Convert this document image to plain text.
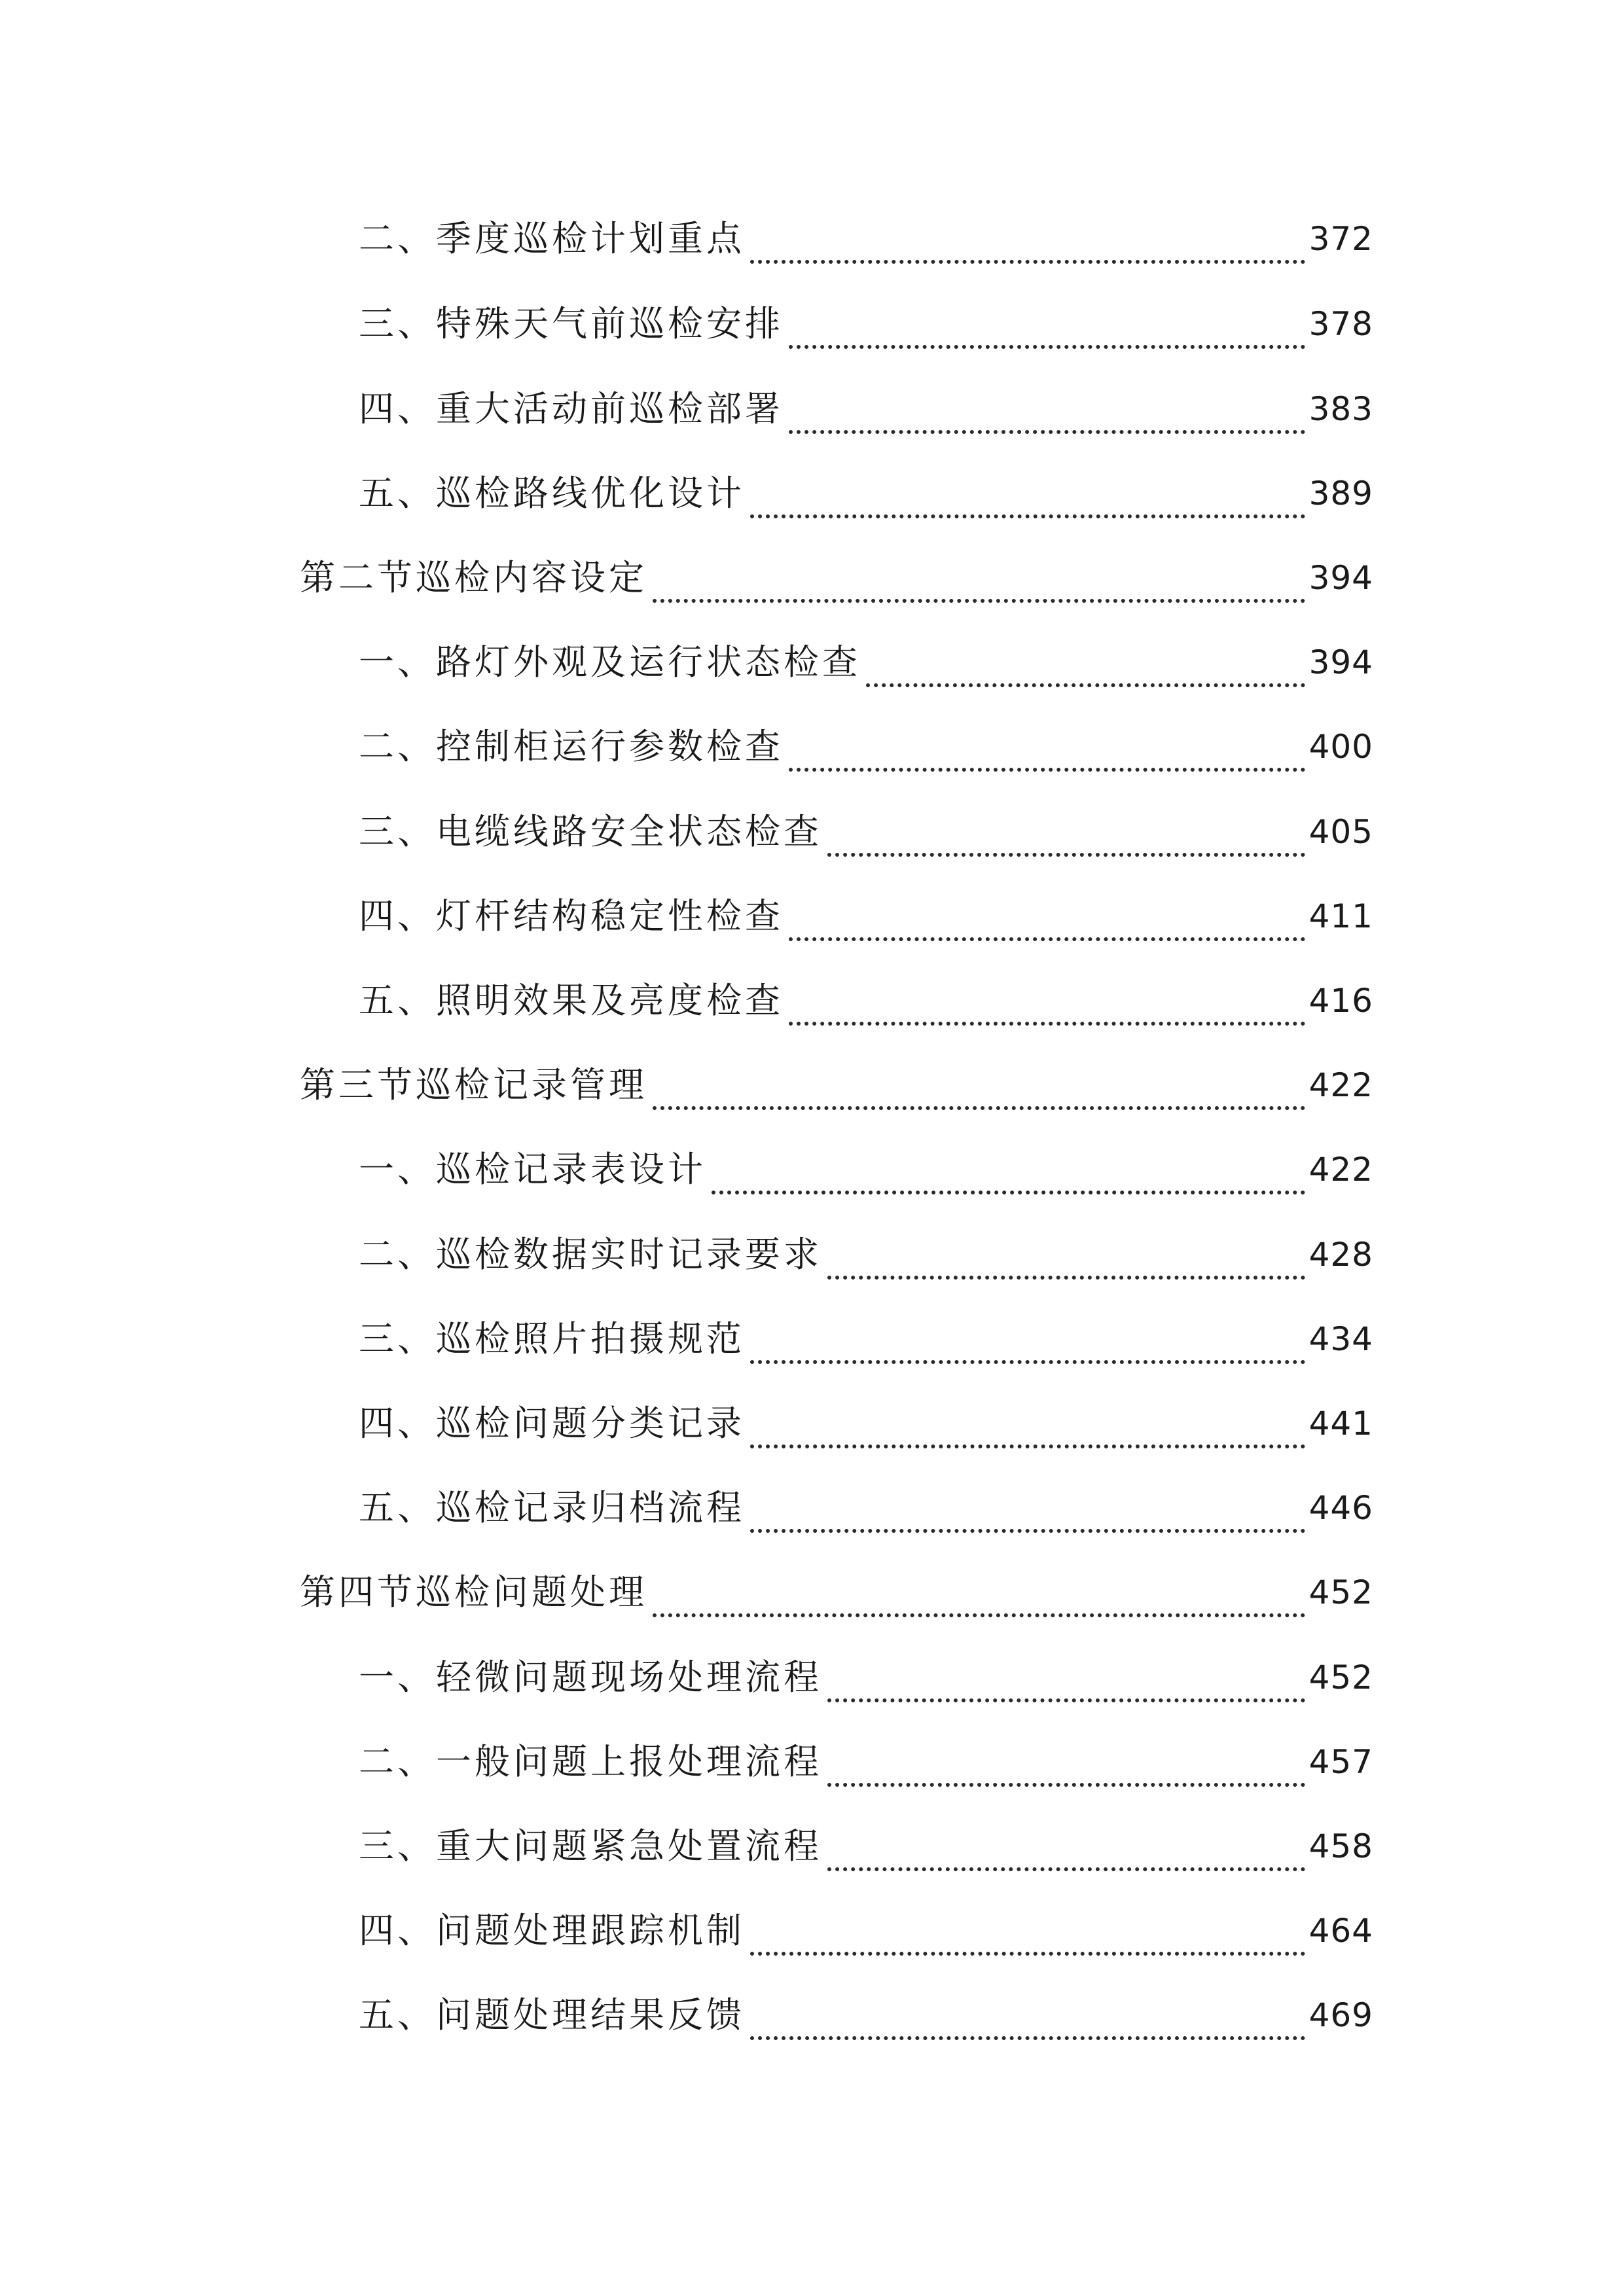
二、季度巡检计划重点	372
三、特殊天气前巡检安排	378
四、重大活动前巡检部署	383
五、巡检路线优化设计	389
第二节巡检内容设定	394
一、路灯外观及运行状态检查	394
二、控制柜运行参数检查	400
三、电缆线路安全状态检查	405
四、灯杆结构稳定性检查	411
五、照明效果及亮度检查	416
第三节巡检记录管理	422
一、巡检记录表设计	422
二、巡检数据实时记录要求	428
三、巡检照片拍摄规范	434
四、巡检问题分类记录	441
五、巡检记录归档流程	446
第四节巡检问题处理	452
一、轻微问题现场处理流程	452
二、一般问题上报处理流程	457
三、重大问题紧急处置流程	458
四、问题处理跟踪机制	464
五、问题处理结果反馈	469
